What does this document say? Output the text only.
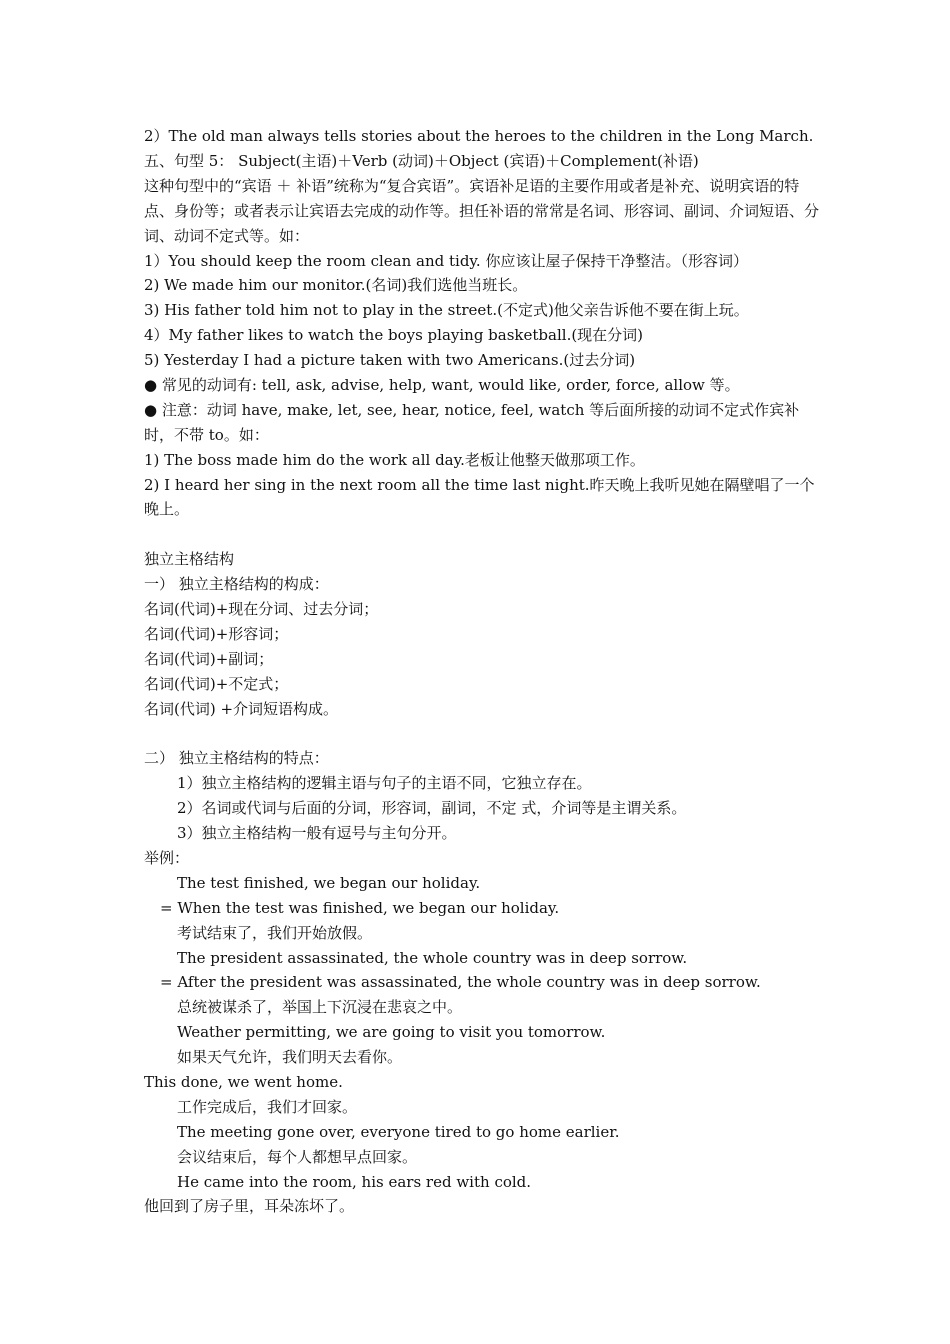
2）The old man always tells stories about the heroes to the children in the Long March.
五、句型 5： Subject(主语)＋Verb (动词)＋Object (宾语)＋Complement(补语)
这种句型中的“宾语 ＋ 补语”统称为“复合宾语”。宾语补足语的主要作用或者是补充、说明宾语的特点、身份等；或者表示让宾语去完成的动作等。担任补语的常常是名词、形容词、副词、介词短语、分词、动词不定式等。如：
1）You should keep the room clean and tidy. 你应该让屋子保持干净整洁。（形容词）
2) We made him our monitor.(名词)我们选他当班长。
3) His father told him not to play in the street.(不定式)他父亲告诉他不要在街上玩。
4）My father likes to watch the boys playing basketball.(现在分词)
5) Yesterday I had a picture taken with two Americans.(过去分词)
● 常见的动词有: tell, ask, advise, help, want, would like, order, force, allow 等。
● 注意：动词 have, make, let, see, hear, notice, feel, watch 等后面所接的动词不定式作宾补时，不带 to。如：
1) The boss made him do the work all day.老板让他整天做那项工作。
2) I heard her sing in the next room all the time last night.昨天晚上我听见她在隔壁唱了一个晚上。
独立主格结构
一） 独立主格结构的构成：
名词(代词)+现在分词、过去分词；
名词(代词)+形容词；
名词(代词)+副词；
名词(代词)+不定式；
名词(代词) +介词短语构成。
二） 独立主格结构的特点：
1）独立主格结构的逻辑主语与句子的主语不同，它独立存在。
2）名词或代词与后面的分词，形容词，副词，不定 式，介词等是主谓关系。
3）独立主格结构一般有逗号与主句分开。
举例：
The test finished, we began our holiday.
= When the test was finished, we began our holiday.
考试结束了，我们开始放假。
The president assassinated, the whole country was in deep sorrow.
= After the president was assassinated, the whole country was in deep sorrow.
总统被谋杀了，举国上下沉浸在悲哀之中。
Weather permitting, we are going to visit you tomorrow.
如果天气允许，我们明天去看你。
This done, we went home.
工作完成后，我们才回家。
The meeting gone over, everyone tired to go home earlier.
会议结束后，每个人都想早点回家。
He came into the room, his ears red with cold.
他回到了房子里，耳朵冻坏了。
